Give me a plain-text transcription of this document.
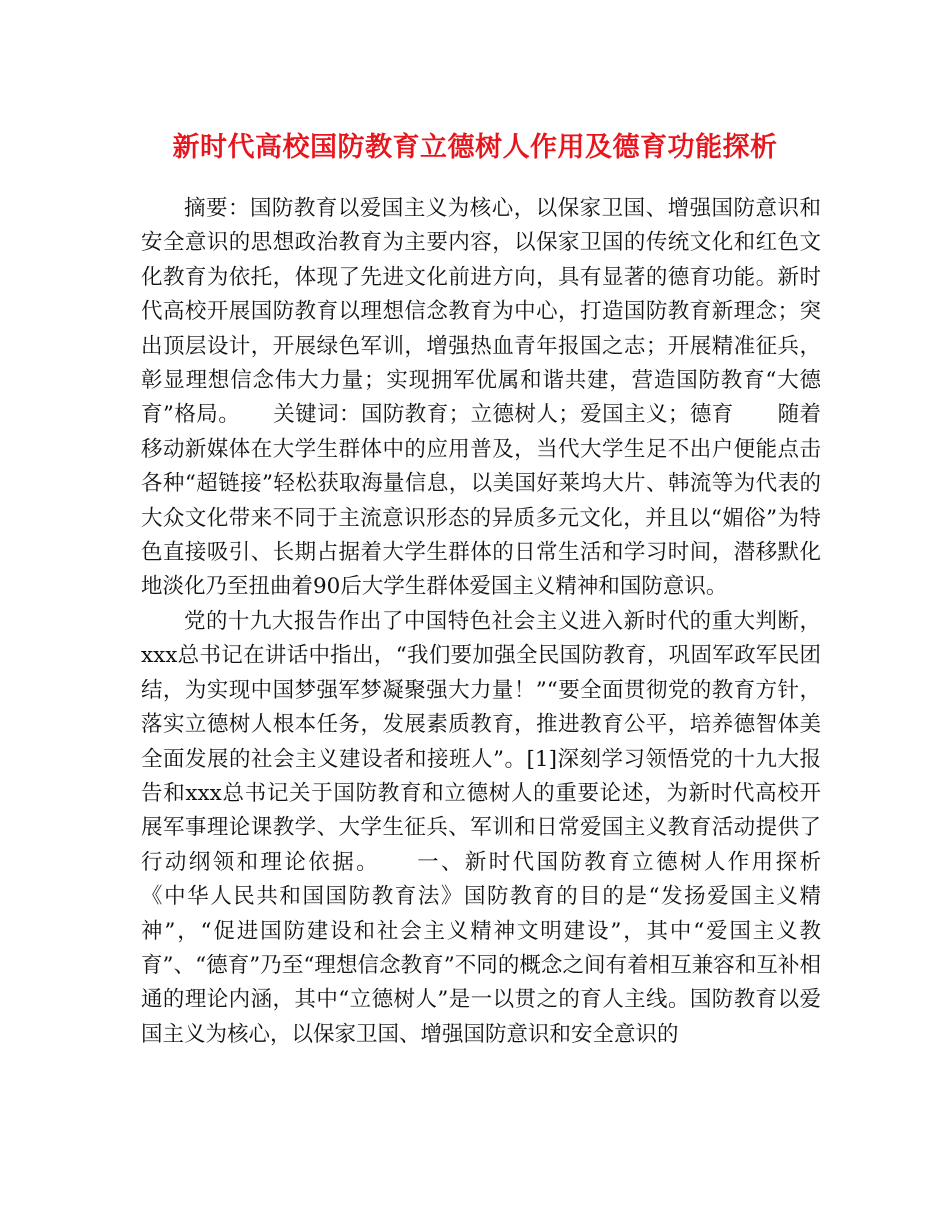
新时代高校国防教育立德树人作用及德育功能探析

摘要：国防教育以爱国主义为核心，以保家卫国、增强国防意识和安全意识的思想政治教育为主要内容，以保家卫国的传统文化和红色文化教育为依托，体现了先进文化前进方向，具有显著的德育功能。新时代高校开展国防教育以理想信念教育为中心，打造国防教育新理念；突出顶层设计，开展绿色军训，增强热血青年报国之志；开展精准征兵，彰显理想信念伟大力量；实现拥军优属和谐共建，营造国防教育“大德育”格局。　　关键词：国防教育；立德树人；爱国主义；德育　　随着移动新媒体在大学生群体中的应用普及，当代大学生足不出户便能点击各种“超链接”轻松获取海量信息，以美国好莱坞大片、韩流等为代表的大众文化带来不同于主流意识形态的异质多元文化，并且以“媚俗”为特色直接吸引、长期占据着大学生群体的日常生活和学习时间，潜移默化地淡化乃至扭曲着90后大学生群体爱国主义精神和国防意识。

党的十九大报告作出了中国特色社会主义进入新时代的重大判断，xxx总书记在讲话中指出，“我们要加强全民国防教育，巩固军政军民团结，为实现中国梦强军梦凝聚强大力量！”“要全面贯彻党的教育方针，落实立德树人根本任务，发展素质教育，推进教育公平，培养德智体美全面发展的社会主义建设者和接班人”。[1]深刻学习领悟党的十九大报告和xxx总书记关于国防教育和立德树人的重要论述，为新时代高校开展军事理论课教学、大学生征兵、军训和日常爱国主义教育活动提供了行动纲领和理论依据。　　一、新时代国防教育立德树人作用探析　　《中华人民共和国国防教育法》国防教育的目的是“发扬爱国主义精神”，“促进国防建设和社会主义精神文明建设”，其中“爱国主义教育”、“德育”乃至“理想信念教育”不同的概念之间有着相互兼容和互补相通的理论内涵，其中“立德树人”是一以贯之的育人主线。国防教育以爱国主义为核心，以保家卫国、增强国防意识和安全意识的
